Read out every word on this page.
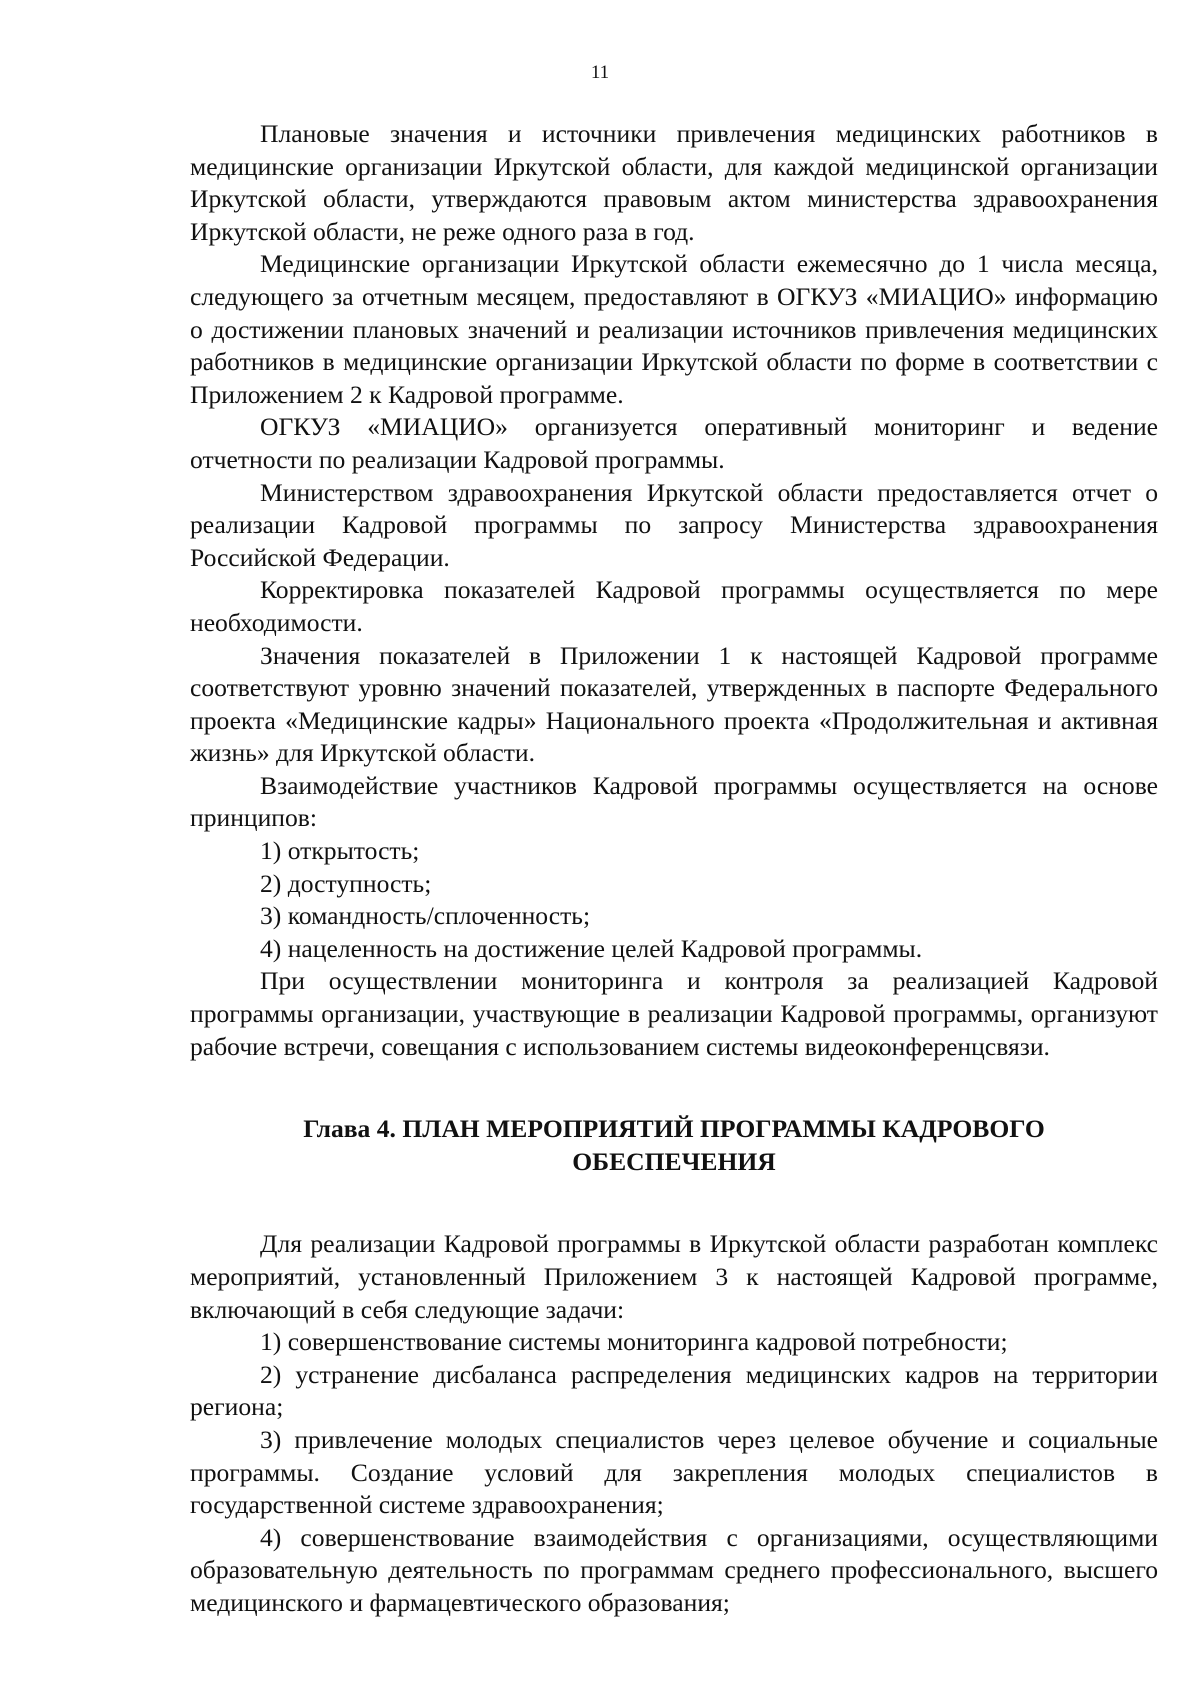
11

Плановые значения и источники привлечения медицинских работников в медицинские организации Иркутской области, для каждой медицинской организации Иркутской области, утверждаются правовым актом министерства здравоохранения Иркутской области, не реже одного раза в год.

Медицинские организации Иркутской области ежемесячно до 1 числа месяца, следующего за отчетным месяцем, предоставляют в ОГКУЗ «МИАЦИО» информацию о достижении плановых значений и реализации источников привлечения медицинских работников в медицинские организации Иркутской области по форме в соответствии с Приложением 2 к Кадровой программе.

ОГКУЗ «МИАЦИО» организуется оперативный мониторинг и ведение отчетности по реализации Кадровой программы.

Министерством здравоохранения Иркутской области предоставляется отчет о реализации Кадровой программы по запросу Министерства здравоохранения Российской Федерации.

Корректировка показателей Кадровой программы осуществляется по мере необходимости.

Значения показателей в Приложении 1 к настоящей Кадровой программе соответствуют уровню значений показателей, утвержденных в паспорте Федерального проекта «Медицинские кадры» Национального проекта «Продолжительная и активная жизнь» для Иркутской области.

Взаимодействие участников Кадровой программы осуществляется на основе принципов:

1) открытость;

2) доступность;

3) командность/сплоченность;

4) нацеленность на достижение целей Кадровой программы.

При осуществлении мониторинга и контроля за реализацией Кадровой программы организации, участвующие в реализации Кадровой программы, организуют рабочие встречи, совещания с использованием системы видеоконференцсвязи.

Глава 4. ПЛАН МЕРОПРИЯТИЙ ПРОГРАММЫ КАДРОВОГО ОБЕСПЕЧЕНИЯ

Для реализации Кадровой программы в Иркутской области разработан комплекс мероприятий, установленный Приложением 3 к настоящей Кадровой программе, включающий в себя следующие задачи:

1) совершенствование системы мониторинга кадровой потребности;

2) устранение дисбаланса распределения медицинских кадров на территории региона;

3) привлечение молодых специалистов через целевое обучение и социальные программы. Создание условий для закрепления молодых специалистов в государственной системе здравоохранения;

4) совершенствование взаимодействия с организациями, осуществляющими образовательную деятельность по программам среднего профессионального, высшего медицинского и фармацевтического образования;
